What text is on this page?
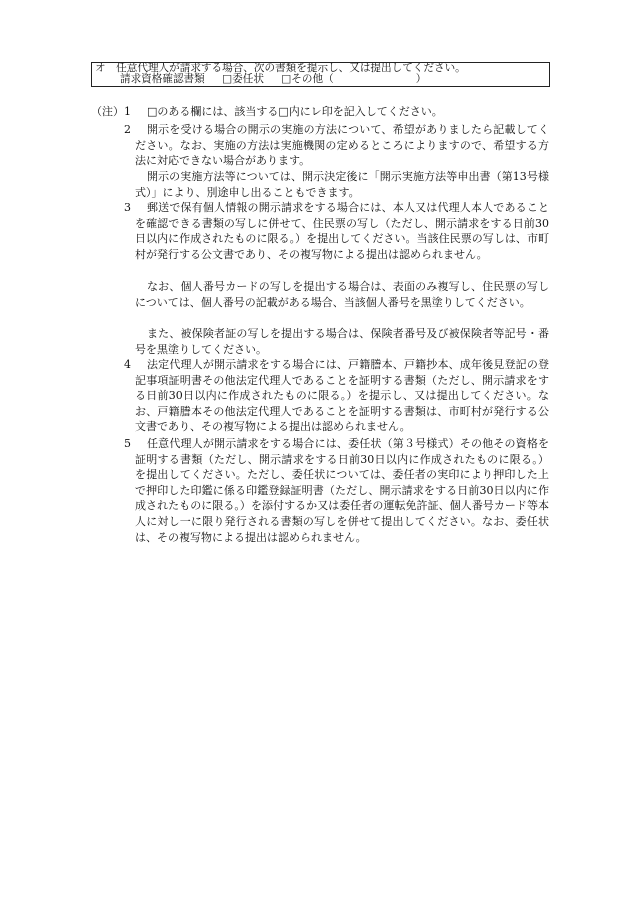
オ　任意代理人が請求する場合、次の書類を提示し、又は提出してください。
請求資格確認書類 □委任状 □その他（	）
（注） 1	□のある欄には、該当する□内にレ印を記入してください。
2	開示を受ける場合の開示の実施の方法について、希望がありましたら記載してください。なお、実施の方法は実施機関の定めるところによりますので、希望する方法に対応できない場合があります。
開示の実施方法等については、開示決定後に「開示実施方法等申出書（第13号様式）」により、別途申し出ることもできます。
3	郵送で保有個人情報の開示請求をする場合には、本人又は代理人本人であることを確認できる書類の写しに併せて、住民票の写し（ただし、開示請求をする日前30日以内に作成されたものに限る。）を提出してください。当該住民票の写しは、市町村が発行する公文書であり、その複写物による提出は認められません。
なお、個人番号カードの写しを提出する場合は、表面のみ複写し、住民票の写しについては、個人番号の記載がある場合、当該個人番号を黒塗りしてください。
また、被保険者証の写しを提出する場合は、保険者番号及び被保険者等記号・番号を黒塗りしてください。
4	法定代理人が開示請求をする場合には、戸籍謄本、戸籍抄本、成年後見登記の登記事項証明書その他法定代理人であることを証明する書類（ただし、開示請求をする日前30日以内に作成されたものに限る。）を提示し、又は提出してください。なお、戸籍謄本その他法定代理人であることを証明する書類は、市町村が発行する公文書であり、その複写物による提出は認められません。
5	任意代理人が開示請求をする場合には、委任状（第３号様式）その他その資格を証明する書類（ただし、開示請求をする日前30日以内に作成されたものに限る。）を提出してください。ただし、委任状については、委任者の実印により押印した上で押印した印鑑に係る印鑑登録証明書（ただし、開示請求をする日前30日以内に作成されたものに限る。）を添付するか又は委任者の運転免許証、個人番号カード等本人に対し一に限り発行される書類の写しを併せて提出してください。なお、委任状は、その複写物による提出は認められません。
